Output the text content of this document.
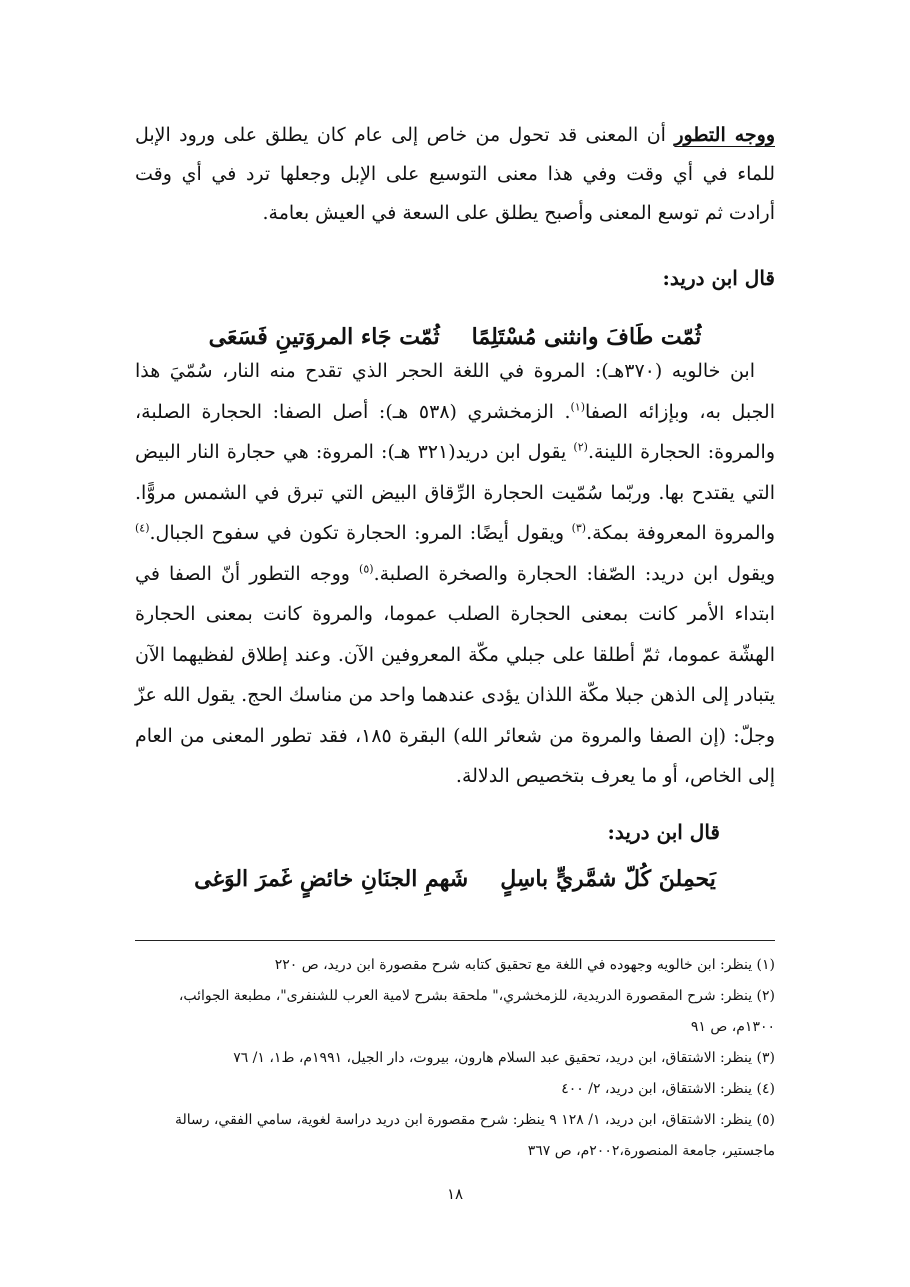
ووجه التطور أن المعنى قد تحول من خاص إلى عام كان يطلق على ورود الإبل للماء في أي وقت وفي هذا معنى التوسيع على الإبل وجعلها ترد في أي وقت أرادت ثم توسع المعنى وأصبح يطلق على السعة في العيش بعامة.

قال ابن دريد:
ثُمّت طَافَ وانثنى مُسْتَلِمًاثُمّت جَاء المروَتينِ فَسَعَى

ابن خالويه (٣٧٠هـ): المروة في اللغة الحجر الذي تقدح منه النار، سُمّيَ هذا الجبل به، وبإزائه الصفا$^{(١)}$. الزمخشري (٥٣٨ هـ): أصل الصفا: الحجارة الصلبة، والمروة: الحجارة اللينة.$^{(٢)}$ يقول ابن دريد(٣٢١ هـ): المروة: هي حجارة النار البيض التي يقتدح بها. وربّما سُمّيت الحجارة الرِّقاق البيض التي تبرق في الشمس مروًّا. والمروة المعروفة بمكة.$^{(٣)}$ ويقول أيضًا: المرو: الحجارة تكون في سفوح الجبال.$^{(٤)}$ ويقول ابن دريد: الصّفا: الحجارة والصخرة الصلبة.$^{(٥)}$ ووجه التطور أنّ الصفا في ابتداء الأمر كانت بمعنى الحجارة الصلب عموما، والمروة كانت بمعنى الحجارة الهشّة عموما، ثمّ أطلقا على جبلي مكّة المعروفين الآن. وعند إطلاق لفظيهما الآن يتبادر إلى الذهن جبلا مكّة اللذان يؤدى عندهما واحد من مناسك الحج. يقول الله عزّ وجلّ: (إن الصفا والمروة من شعائر الله) البقرة ١٨٥، فقد تطور المعنى من العام إلى الخاص، أو ما يعرف بتخصيص الدلالة.

قال ابن دريد:
يَحمِلنَ كُلّ شمَّريٍّ باسِلٍشَهمِ الجنَانِ خائضٍ غَمرَ الوَغى
(١) ينظر: ابن خالويه وجهوده في اللغة مع تحقيق كتابه شرح مقصورة ابن دريد، ص ٢٢٠
(٢) ينظر: شرح المقصورة الدريدية، للزمخشري،" ملحقة بشرح لامية العرب للشنفرى"، مطبعة الجوائب، ١٣٠٠م، ص ٩١
(٣) ينظر: الاشتقاق، ابن دريد، تحقيق عبد السلام هارون، بيروت، دار الجيل، ١٩٩١م، ط١، ١/ ٧٦
(٤) ينظر: الاشتقاق، ابن دريد، ٢/ ٤٠٠
(٥) ينظر: الاشتقاق، ابن دريد، ١/ ١٢٨ ٩ ينظر: شرح مقصورة ابن دريد دراسة لغوية، سامي الفقي، رسالة ماجستير، جامعة المنصورة،٢٠٠٢م، ص ٣٦٧
١٨
